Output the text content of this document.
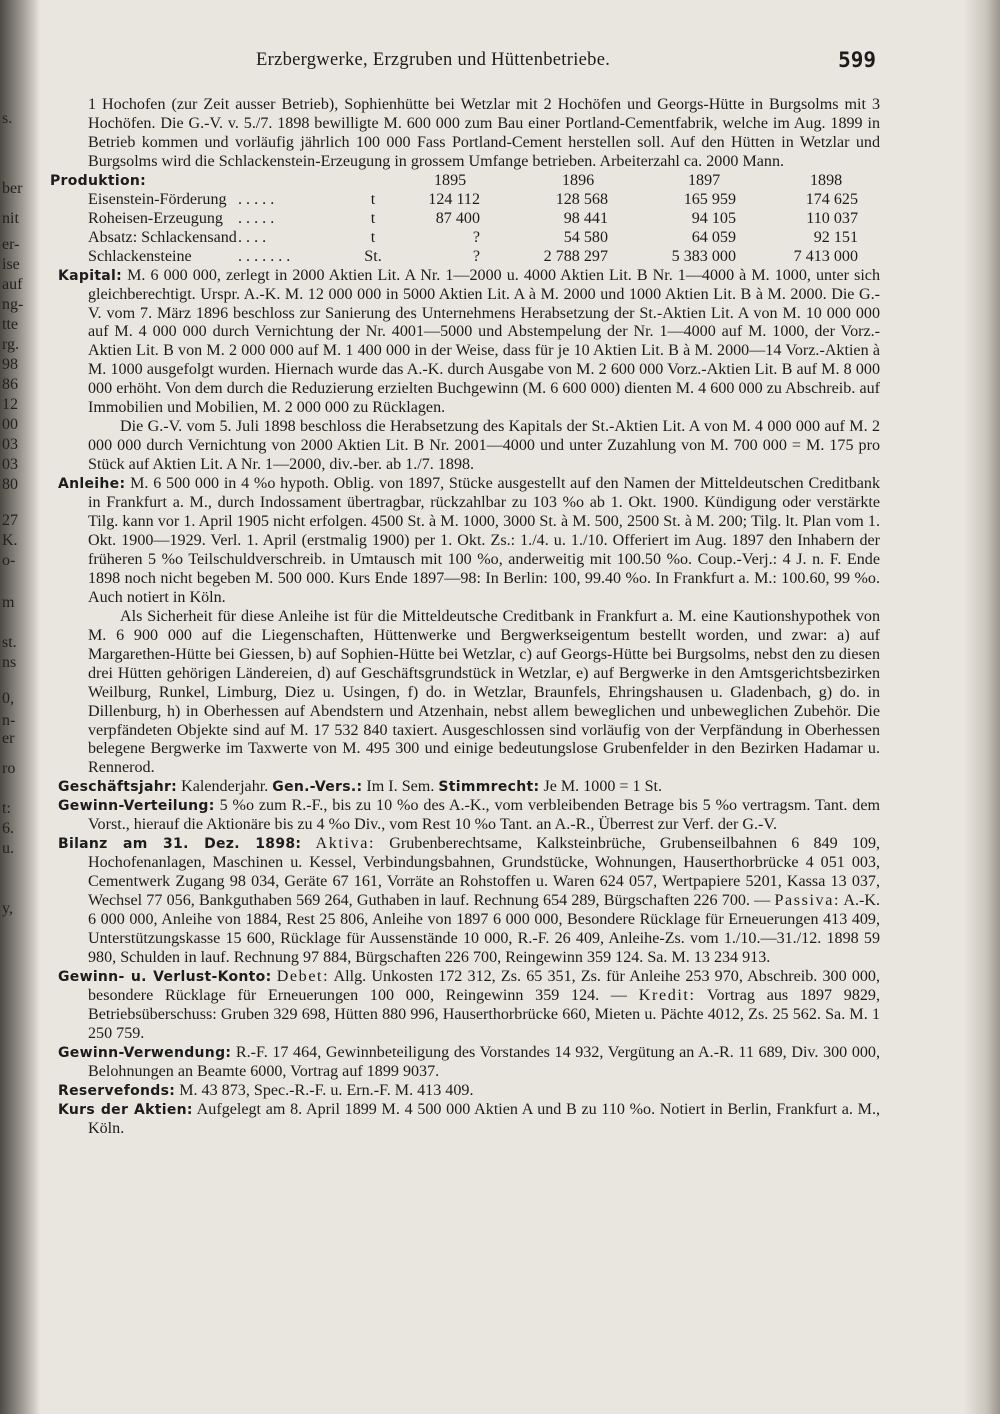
s.
ber
nit
er-
ise
auf
ng-
tte
rg.
98
86
12
00
03
03
80
27
K.
o-
m
st.
ns
0,
n-
er
ro
t:
6.
u.
y,
Erzbergwerke, Erzgruben und Hüttenbetriebe.	599

1 Hochofen (zur Zeit ausser Betrieb), Sophienhütte bei Wetzlar mit 2 Hochöfen und Georgs-Hütte in Burgsolms mit 3 Hochöfen. Die G.-V. v. 5./7. 1898 bewilligte M. 600 000 zum Bau einer Portland-Cementfabrik, welche im Aug. 1899 in Betrieb kommen und vorläufig jährlich 100 000 Fass Portland-Cement herstellen soll. Auf den Hütten in Wetzlar und Burgsolms wird die Schlackenstein-Erzeugung in grossem Umfange betrieben. Arbeiterzahl ca. 2000 Mann.

Produktion:	1895	1896	1897	1898
Eisenstein-Förderung	. . . . .	t	124 112	128 568	165 959	174 625
Roheisen-Erzeugung	. . . . .	t	87 400	98 441	94 105	110 037
Absatz: Schlackensand	. . . .	t	?	54 580	64 059	92 151
Schlackensteine	. . . . . . .	St.	?	2 788 297	5 383 000	7 413 000

Kapital: M. 6 000 000, zerlegt in 2000 Aktien Lit. A Nr. 1—2000 u. 4000 Aktien Lit. B Nr. 1—4000 à M. 1000, unter sich gleichberechtigt. Urspr. A.-K. M. 12 000 000 in 5000 Aktien Lit. A à M. 2000 und 1000 Aktien Lit. B à M. 2000. Die G.-V. vom 7. März 1896 beschloss zur Sanierung des Unternehmens Herabsetzung der St.-Aktien Lit. A von M. 10 000 000 auf M. 4 000 000 durch Vernichtung der Nr. 4001—5000 und Abstempelung der Nr. 1—4000 auf M. 1000, der Vorz.-Aktien Lit. B von M. 2 000 000 auf M. 1 400 000 in der Weise, dass für je 10 Aktien Lit. B à M. 2000—14 Vorz.-Aktien à M. 1000 ausgefolgt wurden. Hiernach wurde das A.-K. durch Ausgabe von M. 2 600 000 Vorz.-Aktien Lit. B auf M. 8 000 000 erhöht. Von dem durch die Reduzierung erzielten Buchgewinn (M. 6 600 000) dienten M. 4 600 000 zu Abschreib. auf Immobilien und Mobilien, M. 2 000 000 zu Rücklagen.

Die G.-V. vom 5. Juli 1898 beschloss die Herabsetzung des Kapitals der St.-Aktien Lit. A von M. 4 000 000 auf M. 2 000 000 durch Vernichtung von 2000 Aktien Lit. B Nr. 2001—4000 und unter Zuzahlung von M. 700 000 = M. 175 pro Stück auf Aktien Lit. A Nr. 1—2000, div.-ber. ab 1./7. 1898.

Anleihe: M. 6 500 000 in 4 %o hypoth. Oblig. von 1897, Stücke ausgestellt auf den Namen der Mitteldeutschen Creditbank in Frankfurt a. M., durch Indossament übertragbar, rückzahlbar zu 103 %o ab 1. Okt. 1900. Kündigung oder verstärkte Tilg. kann vor 1. April 1905 nicht erfolgen. 4500 St. à M. 1000, 3000 St. à M. 500, 2500 St. à M. 200; Tilg. lt. Plan vom 1. Okt. 1900—1929. Verl. 1. April (erstmalig 1900) per 1. Okt. Zs.: 1./4. u. 1./10. Offeriert im Aug. 1897 den Inhabern der früheren 5 %o Teilschuldverschreib. in Umtausch mit 100 %o, anderweitig mit 100.50 %o. Coup.-Verj.: 4 J. n. F. Ende 1898 noch nicht begeben M. 500 000. Kurs Ende 1897—98: In Berlin: 100, 99.40 %o. In Frankfurt a. M.: 100.60, 99 %o. Auch notiert in Köln.

Als Sicherheit für diese Anleihe ist für die Mitteldeutsche Creditbank in Frankfurt a. M. eine Kautionshypothek von M. 6 900 000 auf die Liegenschaften, Hüttenwerke und Bergwerkseigentum bestellt worden, und zwar: a) auf Margarethen-Hütte bei Giessen, b) auf Sophien-Hütte bei Wetzlar, c) auf Georgs-Hütte bei Burgsolms, nebst den zu diesen drei Hütten gehörigen Ländereien, d) auf Geschäftsgrundstück in Wetzlar, e) auf Bergwerke in den Amtsgerichtsbezirken Weilburg, Runkel, Limburg, Diez u. Usingen, f) do. in Wetzlar, Braunfels, Ehringshausen u. Gladenbach, g) do. in Dillenburg, h) in Oberhessen auf Abendstern und Atzenhain, nebst allem beweglichen und unbeweglichen Zubehör. Die verpfändeten Objekte sind auf M. 17 532 840 taxiert. Ausgeschlossen sind vorläufig von der Verpfändung in Oberhessen belegene Bergwerke im Taxwerte von M. 495 300 und einige bedeutungslose Grubenfelder in den Bezirken Hadamar u. Rennerod.

Geschäftsjahr: Kalenderjahr. Gen.-Vers.: Im I. Sem. Stimmrecht: Je M. 1000 = 1 St.

Gewinn-Verteilung: 5 %o zum R.-F., bis zu 10 %o des A.-K., vom verbleibenden Betrage bis 5 %o vertragsm. Tant. dem Vorst., hierauf die Aktionäre bis zu 4 %o Div., vom Rest 10 %o Tant. an A.-R., Überrest zur Verf. der G.-V.

Bilanz am 31. Dez. 1898: Aktiva: Grubenberechtsame, Kalksteinbrüche, Grubenseilbahnen 6 849 109, Hochofenanlagen, Maschinen u. Kessel, Verbindungsbahnen, Grundstücke, Wohnungen, Hauserthorbrücke 4 051 003, Cementwerk Zugang 98 034, Geräte 67 161, Vorräte an Rohstoffen u. Waren 624 057, Wertpapiere 5201, Kassa 13 037, Wechsel 77 056, Bankguthaben 569 264, Guthaben in lauf. Rechnung 654 289, Bürgschaften 226 700. — Passiva: A.-K. 6 000 000, Anleihe von 1884, Rest 25 806, Anleihe von 1897 6 000 000, Besondere Rücklage für Erneuerungen 413 409, Unterstützungskasse 15 600, Rücklage für Aussenstände 10 000, R.-F. 26 409, Anleihe-Zs. vom 1./10.—31./12. 1898 59 980, Schulden in lauf. Rechnung 97 884, Bürgschaften 226 700, Reingewinn 359 124. Sa. M. 13 234 913.

Gewinn- u. Verlust-Konto: Debet: Allg. Unkosten 172 312, Zs. 65 351, Zs. für Anleihe 253 970, Abschreib. 300 000, besondere Rücklage für Erneuerungen 100 000, Reingewinn 359 124. — Kredit: Vortrag aus 1897 9829, Betriebsüberschuss: Gruben 329 698, Hütten 880 996, Hauserthorbrücke 660, Mieten u. Pächte 4012, Zs. 25 562. Sa. M. 1 250 759.

Gewinn-Verwendung: R.-F. 17 464, Gewinnbeteiligung des Vorstandes 14 932, Vergütung an A.-R. 11 689, Div. 300 000, Belohnungen an Beamte 6000, Vortrag auf 1899 9037.

Reservefonds: M. 43 873, Spec.-R.-F. u. Ern.-F. M. 413 409.

Kurs der Aktien: Aufgelegt am 8. April 1899 M. 4 500 000 Aktien A und B zu 110 %o. Notiert in Berlin, Frankfurt a. M., Köln.
